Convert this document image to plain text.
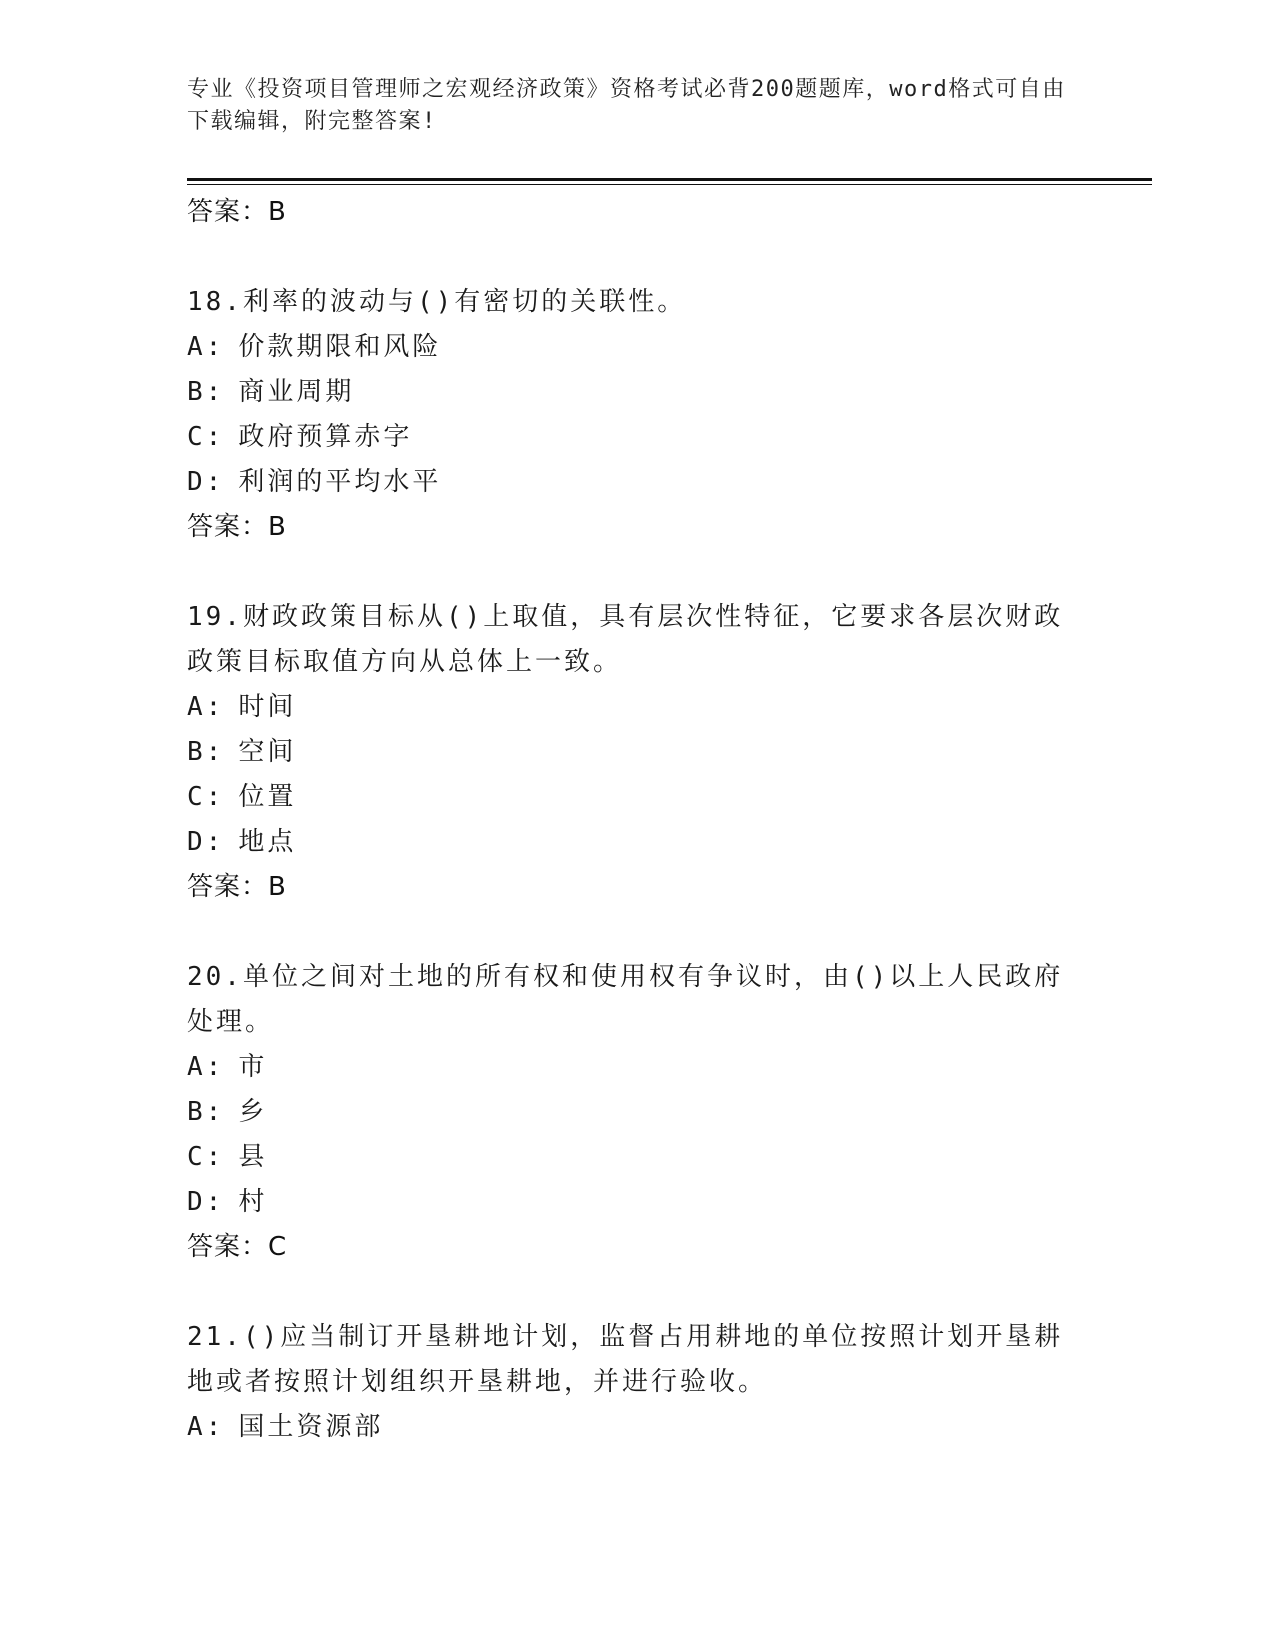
专业《投资项目管理师之宏观经济政策》资格考试必背200题题库，word格式可自由下载编辑，附完整答案!
答案：B
18.利率的波动与()有密切的关联性。
A: 价款期限和风险
B: 商业周期
C: 政府预算赤字
D: 利润的平均水平
答案：B
19.财政政策目标从()上取值，具有层次性特征，它要求各层次财政政策目标取值方向从总体上一致。
A: 时间
B: 空间
C: 位置
D: 地点
答案：B
20.单位之间对土地的所有权和使用权有争议时，由()以上人民政府处理。
A: 市
B: 乡
C: 县
D: 村
答案：C
21.()应当制订开垦耕地计划，监督占用耕地的单位按照计划开垦耕地或者按照计划组织开垦耕地，并进行验收。
A: 国土资源部
